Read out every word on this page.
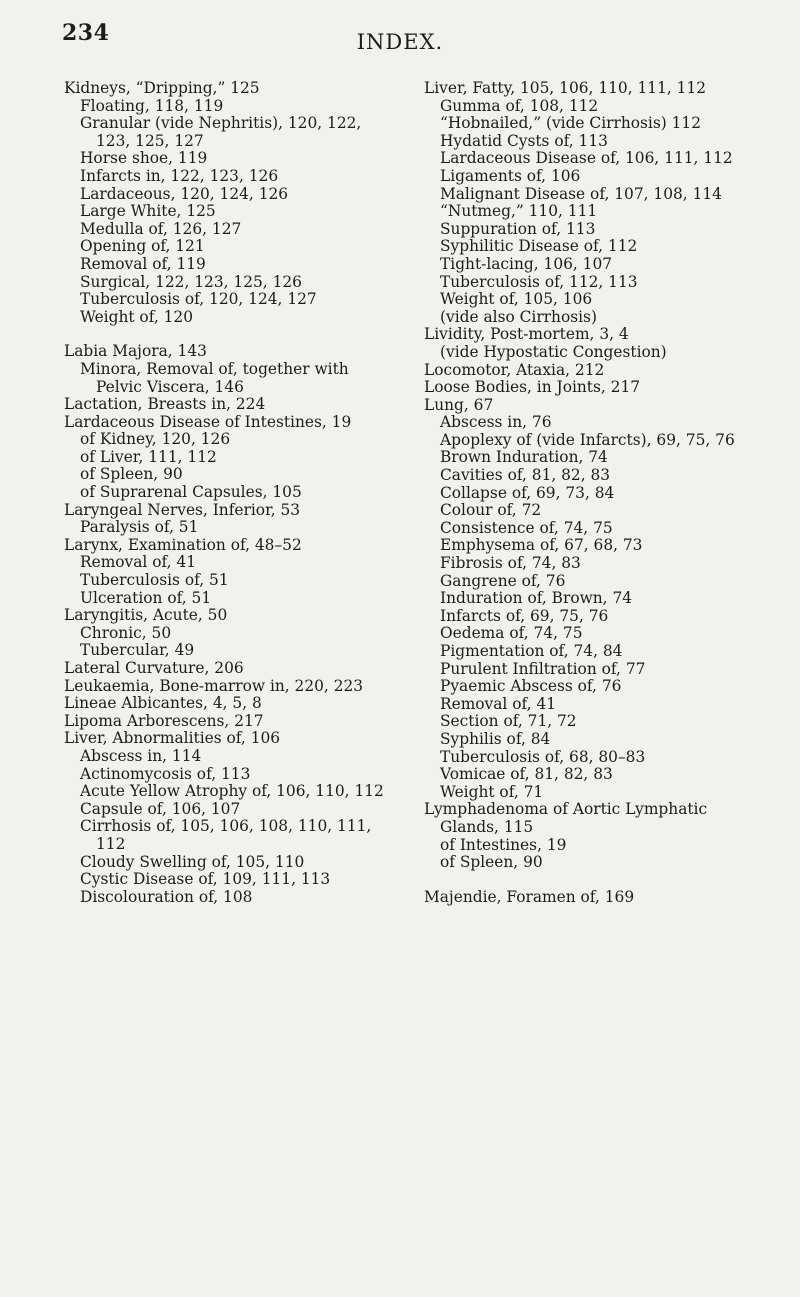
234	INDEX.
Kidneys, “Dripping,” 125
Floating, 118, 119
Granular (vide Nephritis), 120, 122, 123, 125, 127
Horse shoe, 119
Infarcts in, 122, 123, 126
Lardaceous, 120, 124, 126
Large White, 125
Medulla of, 126, 127
Opening of, 121
Removal of, 119
Surgical, 122, 123, 125, 126
Tuberculosis of, 120, 124, 127
Weight of, 120
Labia Majora, 143
Minora, Removal of, together with Pelvic Viscera, 146
Lactation, Breasts in, 224
Lardaceous Disease of Intestines, 19
of Kidney, 120, 126
of Liver, 111, 112
of Spleen, 90
of Suprarenal Capsules, 105
Laryngeal Nerves, Inferior, 53
Paralysis of, 51
Larynx, Examination of, 48–52
Removal of, 41
Tuberculosis of, 51
Ulceration of, 51
Laryngitis, Acute, 50
Chronic, 50
Tubercular, 49
Lateral Curvature, 206
Leukaemia, Bone-marrow in, 220, 223
Lineae Albicantes, 4, 5, 8
Lipoma Arborescens, 217
Liver, Abnormalities of, 106
Abscess in, 114
Actinomycosis of, 113
Acute Yellow Atrophy of, 106, 110, 112
Capsule of, 106, 107
Cirrhosis of, 105, 106, 108, 110, 111, 112
Cloudy Swelling of, 105, 110
Cystic Disease of, 109, 111, 113
Discolouration of, 108
Liver, Fatty, 105, 106, 110, 111, 112
Gumma of, 108, 112
“Hobnailed,” (vide Cirrhosis) 112
Hydatid Cysts of, 113
Lardaceous Disease of, 106, 111, 112
Ligaments of, 106
Malignant Disease of, 107, 108, 114
“Nutmeg,” 110, 111
Suppuration of, 113
Syphilitic Disease of, 112
Tight-lacing, 106, 107
Tuberculosis of, 112, 113
Weight of, 105, 106
(vide also Cirrhosis)
Lividity, Post-mortem, 3, 4
(vide Hypostatic Congestion)
Locomotor, Ataxia, 212
Loose Bodies, in Joints, 217
Lung, 67
Abscess in, 76
Apoplexy of (vide Infarcts), 69, 75, 76
Brown Induration, 74
Cavities of, 81, 82, 83
Collapse of, 69, 73, 84
Colour of, 72
Consistence of, 74, 75
Emphysema of, 67, 68, 73
Fibrosis of, 74, 83
Gangrene of, 76
Induration of, Brown, 74
Infarcts of, 69, 75, 76
Oedema of, 74, 75
Pigmentation of, 74, 84
Purulent Infiltration of, 77
Pyaemic Abscess of, 76
Removal of, 41
Section of, 71, 72
Syphilis of, 84
Tuberculosis of, 68, 80–83
Vomicae of, 81, 82, 83
Weight of, 71
Lymphadenoma of Aortic Lymphatic Glands, 115
of Intestines, 19
of Spleen, 90
Majendie, Foramen of, 169
